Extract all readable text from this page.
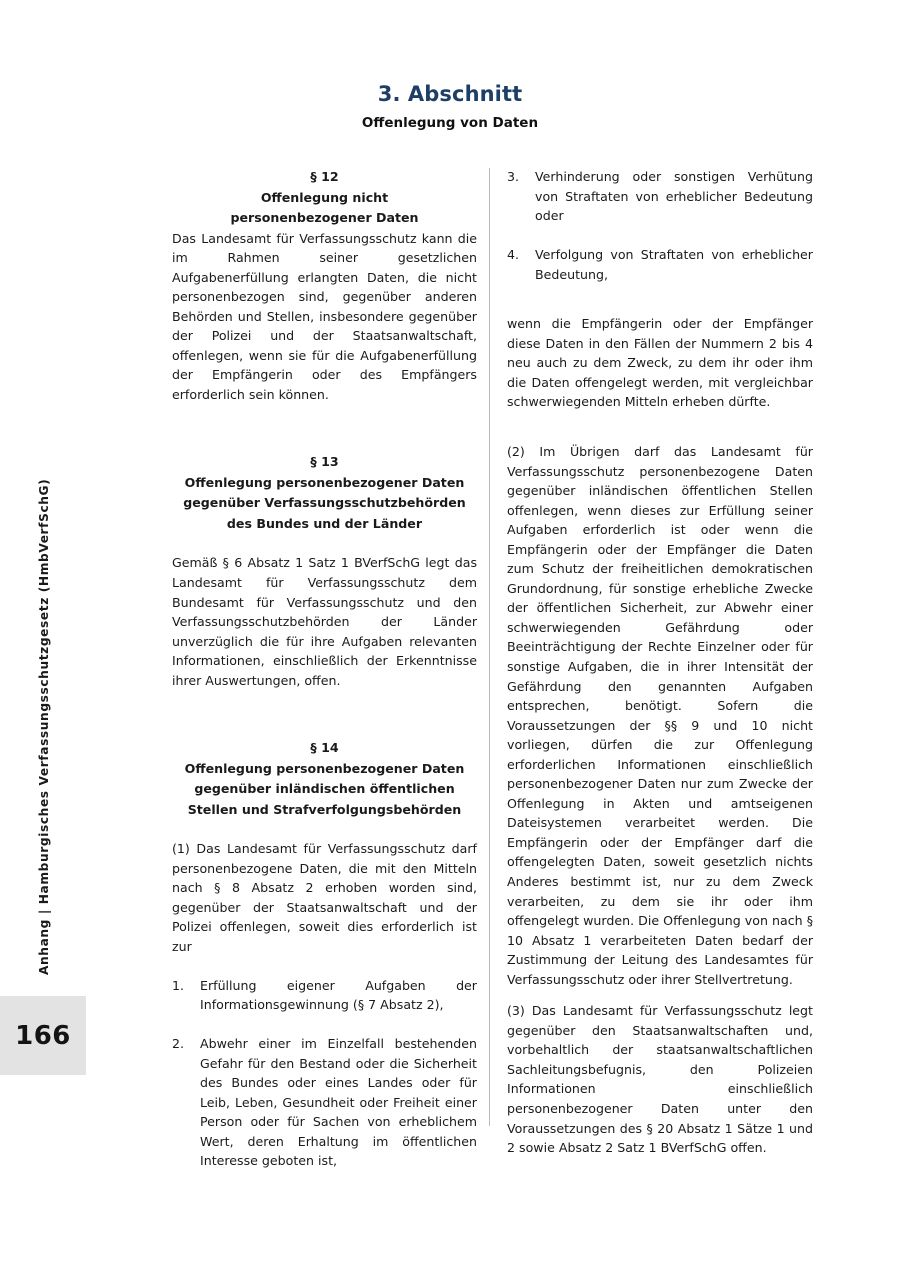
3. Abschnitt
Offenlegung von Daten
Anhang | Hamburgisches Verfassungsschutzgesetz (HmbVerfSchG)
166
§ 12
Offenlegung nicht
personenbezogener Daten

Das Landesamt für Verfassungsschutz kann die im Rahmen seiner gesetzlichen Aufgabenerfüllung erlangten Daten, die nicht personenbezogen sind, gegenüber anderen Behörden und Stellen, insbesondere gegenüber der Polizei und der Staatsanwaltschaft, offenlegen, wenn sie für die Aufgabenerfüllung der Empfängerin oder des Empfängers erforderlich sein können.

§ 13
Offenlegung personenbezogener Daten
gegenüber Verfassungsschutzbehörden
des Bundes und der Länder

Gemäß § 6 Absatz 1 Satz 1 BVerfSchG legt das Landesamt für Verfassungsschutz dem Bundesamt für Verfassungsschutz und den Verfassungsschutzbehörden der Länder unverzüglich die für ihre Aufgaben relevanten Informationen, einschließlich der Erkenntnisse ihrer Auswertungen, offen.

§ 14
Offenlegung personenbezogener Daten
gegenüber inländischen öffentlichen
Stellen und Strafverfolgungsbehörden

(1) Das Landesamt für Verfassungsschutz darf personenbezogene Daten, die mit den Mitteln nach § 8 Absatz 2 erhoben worden sind, gegenüber der Staatsanwaltschaft und der Polizei offenlegen, soweit dies erforderlich ist zur

1.	Erfüllung eigener Aufgaben der Informationsgewinnung (§ 7 Absatz 2),
2.	Abwehr einer im Einzelfall bestehenden Gefahr für den Bestand oder die Sicherheit des Bundes oder eines Landes oder für Leib, Leben, Gesundheit oder Freiheit einer Person oder für Sachen von erheblichem Wert, deren Erhaltung im öffentlichen Interesse geboten ist,
3.	Verhinderung oder sonstigen Verhütung von Straftaten von erheblicher Bedeutung oder
4.	Verfolgung von Straftaten von erheblicher Bedeutung,

wenn die Empfängerin oder der Empfänger diese Daten in den Fällen der Nummern 2 bis 4 neu auch zu dem Zweck, zu dem ihr oder ihm die Daten offengelegt werden, mit vergleichbar schwerwiegenden Mitteln erheben dürfte.

(2) Im Übrigen darf das Landesamt für Verfassungsschutz personenbezogene Daten gegenüber inländischen öffentlichen Stellen offenlegen, wenn dieses zur Erfüllung seiner Aufgaben erforderlich ist oder wenn die Empfängerin oder der Empfänger die Daten zum Schutz der freiheitlichen demokratischen Grundordnung, für sonstige erhebliche Zwecke der öffentlichen Sicherheit, zur Abwehr einer schwerwiegenden Gefährdung oder Beeinträchtigung der Rechte Einzelner oder für sonstige Aufgaben, die in ihrer Intensität der Gefährdung den genannten Aufgaben entsprechen, benötigt. Sofern die Voraussetzungen der §§ 9 und 10 nicht vorliegen, dürfen die zur Offenlegung erforderlichen Informationen einschließlich personenbezogener Daten nur zum Zwecke der Offenlegung in Akten und amtseigenen Dateisystemen verarbeitet werden. Die Empfängerin oder der Empfänger darf die offengelegten Daten, soweit gesetzlich nichts Anderes bestimmt ist, nur zu dem Zweck verarbeiten, zu dem sie ihr oder ihm offengelegt wurden. Die Offenlegung von nach § 10 Absatz 1 verarbeiteten Daten bedarf der Zustimmung der Leitung des Landesamtes für Verfassungsschutz oder ihrer Stellvertretung.

(3) Das Landesamt für Verfassungsschutz legt gegenüber den Staatsanwaltschaften und, vorbehaltlich der staatsanwaltschaftlichen Sachleitungsbefugnis, den Polizeien Informationen einschließlich personenbezogener Daten unter den Voraussetzungen des § 20 Absatz 1 Sätze 1 und 2 sowie Absatz 2 Satz 1 BVerfSchG offen.
